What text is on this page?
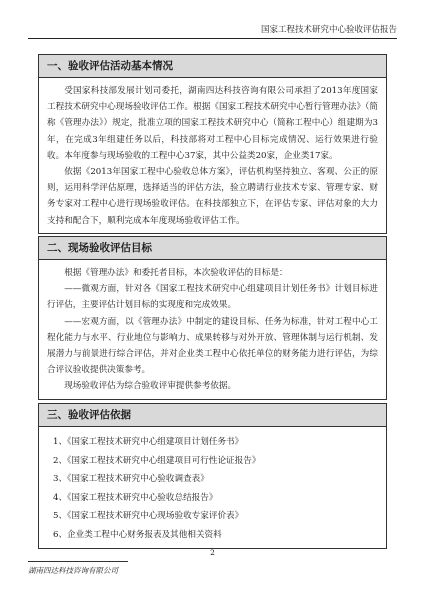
国家工程技术研究中心验收评估报告
一、验收评估活动基本情况

受国家科技部发展计划司委托，湖南四达科技咨询有限公司承担了2013年度国家工程技术研究中心现场验收评估工作。根据《国家工程技术研究中心暂行管理办法》（简称《管理办法》）规定，批准立项的国家工程技术研究中心（简称工程中心）组建期为3年，在完成3年组建任务以后，科技部将对工程中心目标完成情况、运行效果进行验收。本年度参与现场验收的工程中心37家，其中公益类20家，企业类17家。

依据《2013年国家工程中心验收总体方案》，评估机构坚持独立、客观、公正的原则，运用科学评估原理，选择适当的评估方法，验立聘请行业技术专家、管理专家、财务专家对工程中心进行现场验收评估。在科技部独立下，在评估专家、评估对象的大力支持和配合下，顺利完成本年度现场验收评估工作。

二、现场验收评估目标

根据《管理办法》和委托者目标，本次验收评估的目标是：

——微观方面，针对各《国家工程技术研究中心组建项目计划任务书》计划目标进行评估，主要评估计划目标的实现度和完成效果。

——宏观方面，以《管理办法》中制定的建设目标、任务为标准，针对工程中心工程化能力与水平、行业地位与影响力、成果转移与对外开放、管理体制与运行机制、发展潜力与前景进行综合评估，并对企业类工程中心依托单位的财务能力进行评估，为综合评议验收提供决策参考。

现场验收评估为综合验收评审提供参考依据。

三、验收评估依据
1、《国家工程技术研究中心组建项目计划任务书》
2、《国家工程技术研究中心组建项目可行性论证报告》
3、《国家工程技术研究中心验收调查表》
4、《国家工程技术研究中心验收总结报告》
5、《国家工程技术研究中心现场验收专家评价表》
6、企业类工程中心财务报表及其他相关资料
2
湖南四达科技咨询有限公司
